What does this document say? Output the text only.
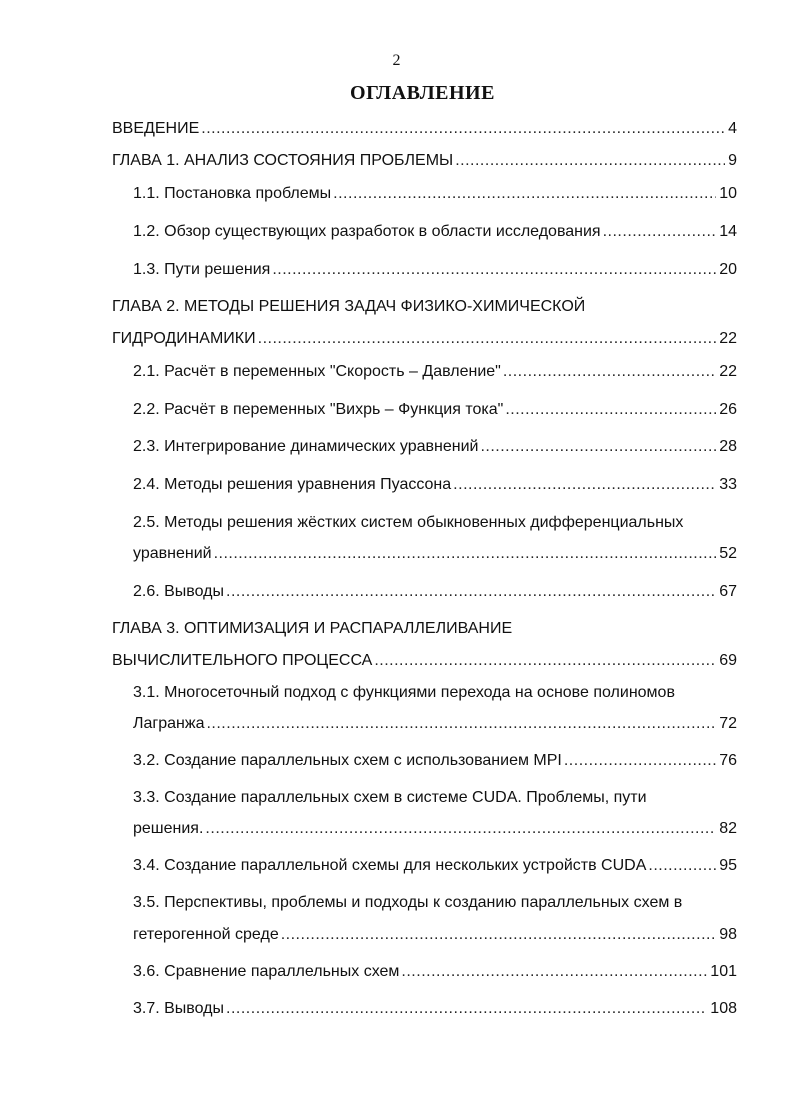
2
ОГЛАВЛЕНИЕ
ВВЕДЕНИЕ .....	4
ГЛАВА 1. АНАЛИЗ СОСТОЯНИЯ ПРОБЛЕМЫ .....	9
1.1. Постановка проблемы .....	10
1.2. Обзор существующих разработок в области исследования .....	14
1.3. Пути решения .....	20
ГЛАВА 2. МЕТОДЫ РЕШЕНИЯ ЗАДАЧ ФИЗИКО-ХИМИЧЕСКОЙ
ГИДРОДИНАМИКИ .....	22
2.1. Расчёт в переменных "Скорость – Давление" .....	22
2.2. Расчёт в переменных "Вихрь – Функция тока" .....	26
2.3. Интегрирование динамических уравнений .....	28
2.4. Методы решения уравнения Пуассона .....	33
2.5. Методы решения жёстких систем обыкновенных дифференциальных
уравнений .....	52
2.6. Выводы .....	67
ГЛАВА 3. ОПТИМИЗАЦИЯ И РАСПАРАЛЛЕЛИВАНИЕ
ВЫЧИСЛИТЕЛЬНОГО ПРОЦЕССА .....	69
3.1. Многосеточный подход с функциями перехода на основе полиномов
Лагранжа .....	72
3.2. Создание параллельных схем с использованием MPI .....	76
3.3. Создание параллельных схем в системе CUDA. Проблемы, пути
решения. .....	82
3.4. Создание параллельной схемы для нескольких устройств CUDA .....	95
3.5. Перспективы, проблемы и подходы к созданию параллельных схем в
гетерогенной среде .....	98
3.6. Сравнение параллельных схем .....	101
3.7. Выводы .....	108
